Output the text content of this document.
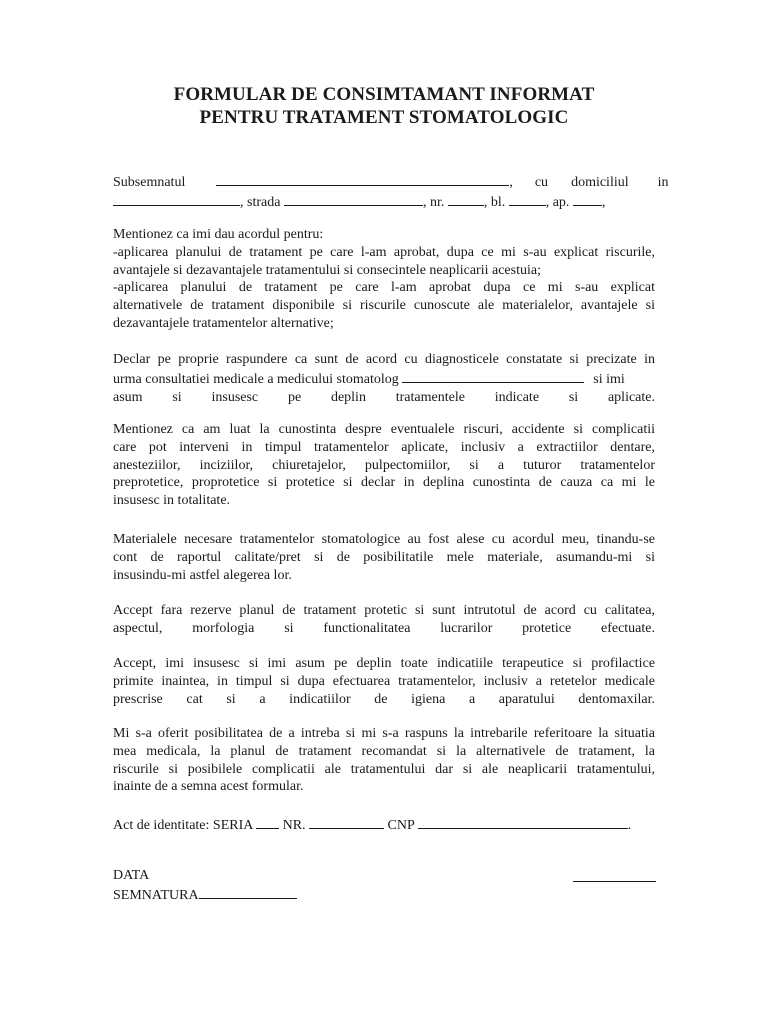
FORMULAR DE CONSIMTAMANT INFORMAT
PENTRU TRATAMENT STOMATOLOGIC
Subsemnatul	, cu domiciliul in
, strada	, nr.	, bl.	, ap. ,
Mentionez ca imi dau acordul pentru:
-aplicarea planului de tratament pe care l-am aprobat, dupa ce mi s-au explicat riscurile,
avantajele si dezavantajele tratamentului si consecintele neaplicarii acestuia;
-aplicarea planului de tratament pe care l-am aprobat dupa ce mi s-au explicat
alternativele de tratament disponibile si riscurile cunoscute ale materialelor, avantajele si
dezavantajele tratamentelor alternative;
Declar pe proprie raspundere ca sunt de acord cu diagnosticele constatate si precizate in
urma consultatiei medicale a medicului stomatolog	si imi
asum si insusesc pe deplin tratamentele indicate si aplicate.
Mentionez ca am luat la cunostinta despre eventualele riscuri, accidente si complicatii
care pot interveni in timpul tratamentelor aplicate, inclusiv a extractiilor dentare,
anesteziilor, inciziilor, chiuretajelor, pulpectomiilor, si a tuturor tratamentelor
preprotetice, proprotetice si protetice si declar in deplina cunostinta de cauza ca mi le
insusesc in totalitate.
Materialele necesare tratamentelor stomatologice au fost alese cu acordul meu, tinandu-se
cont de raportul calitate/pret si de posibilitatile mele materiale, asumandu-mi si
insusindu-mi astfel alegerea lor.
Accept fara rezerve planul de tratament protetic si sunt intrutotul de acord cu calitatea,
aspectul, morfologia si functionalitatea lucrarilor protetice efectuate.
Accept, imi insusesc si imi asum pe deplin toate indicatiile terapeutice si profilactice
primite inaintea, in timpul si dupa efectuarea tratamentelor, inclusiv a retetelor medicale
prescrise cat si a indicatiilor de igiena a aparatului dentomaxilar.
Mi s-a oferit posibilitatea de a intreba si mi s-a raspuns la intrebarile referitoare la situatia
mea medicala, la planul de tratament recomandat si la alternativele de tratament, la
riscurile si posibilele complicatii ale tratamentului dar si ale neaplicarii tratamentului,
inainte de a semna acest formular.
Act de identitate: SERIA NR.	CNP	.
DATA
SEMNATURA
